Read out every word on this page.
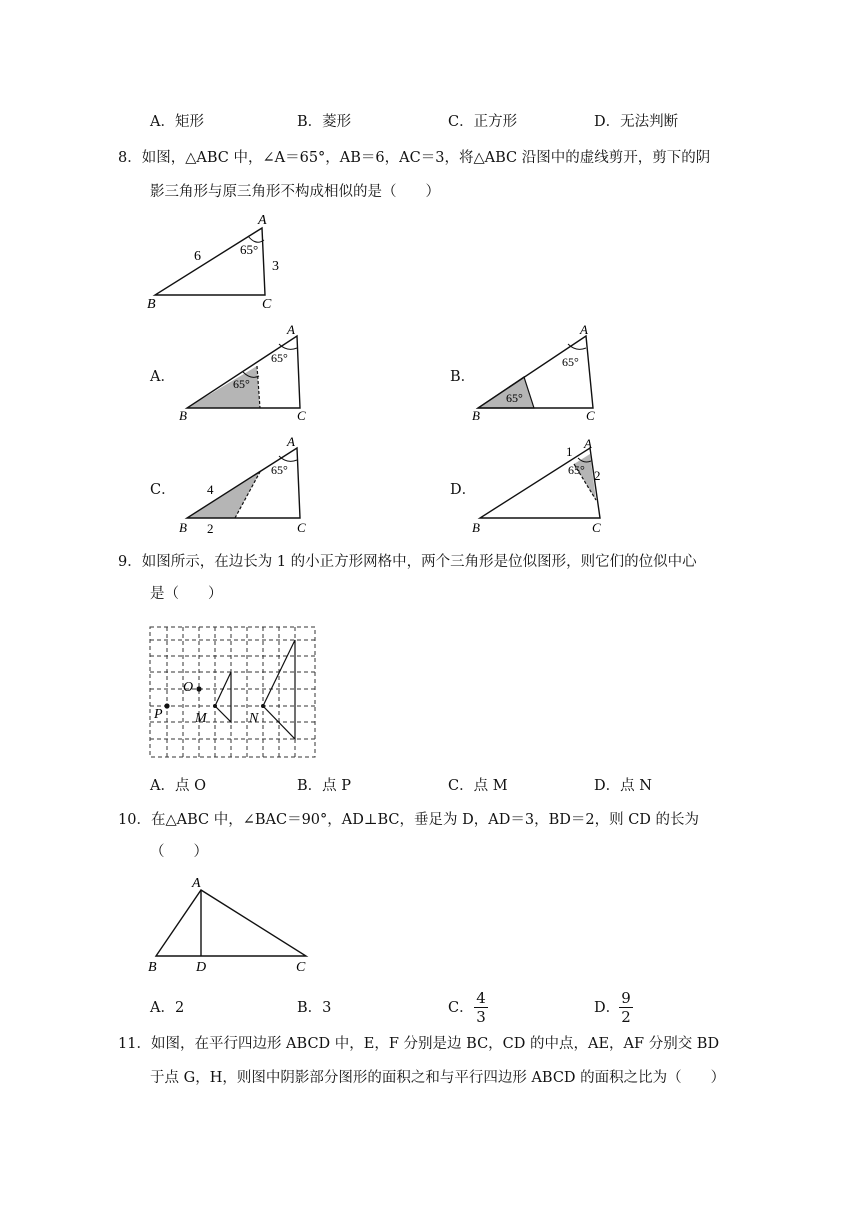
A．矩形	B．菱形	C．正方形	D．无法判断
8．如图，△ABC 中，∠A＝65°，AB＝6，AC＝3，将△ABC 沿图中的虚线剪开，剪下的阴
影三角形与原三角形不构成相似的是（　　）
A
B	C
65°
6
3
A．
A
B	C
65°
65°	B．
A
B	C
65°
65°
C．
A
B	C
65°
4
2
D．
A
B	C
65°
1
2
9．如图所示，在边长为 1 的小正方形网格中，两个三角形是位似图形，则它们的位似中心
是（　　）
O
P M	N
A．点 O	B．点 P	C．点 M	D．点 N
10．在△ABC 中，∠BAC＝90°，AD⊥BC，垂足为 D，AD＝3，BD＝2，则 CD 的长为
（　　）
A
B	C
D
A．2	B．3	C．
4
3	D．
9
2
11．如图，在平行四边形 ABCD 中，E，F 分别是边 BC，CD 的中点，AE，AF 分别交 BD
于点 G，H，则图中阴影部分图形的面积之和与平行四边形 ABCD 的面积之比为（　　）
